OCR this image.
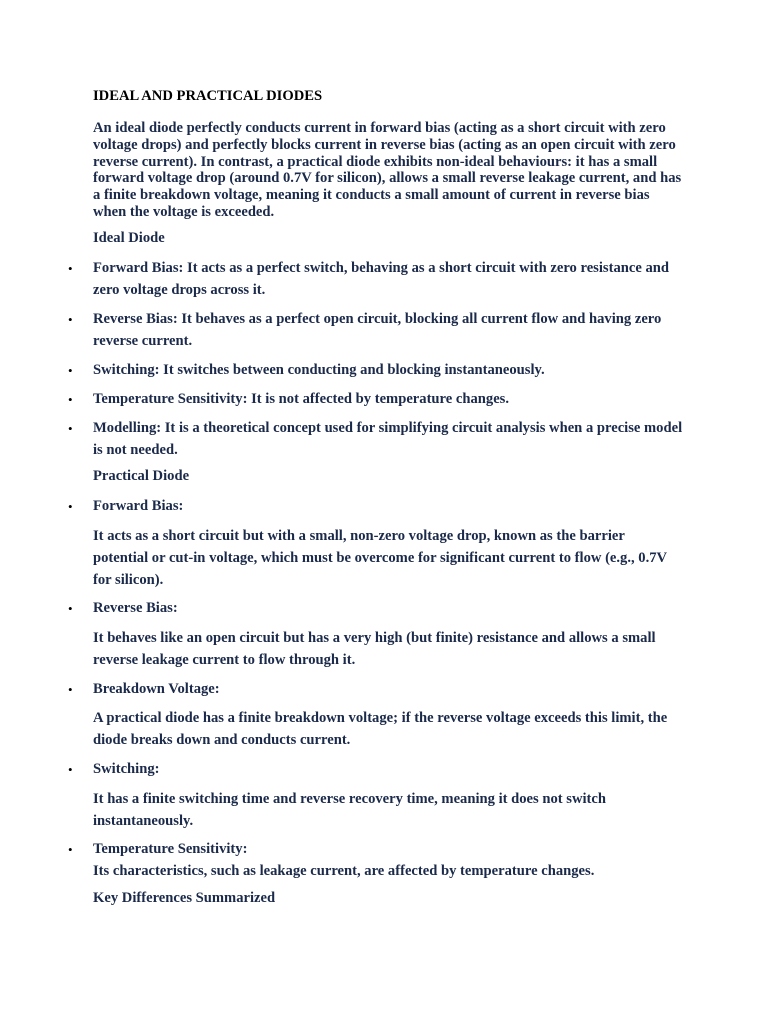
IDEAL AND PRACTICAL DIODES

An ideal diode perfectly conducts current in forward bias (acting as a short circuit with zero voltage drops) and perfectly blocks current in reverse bias (acting as an open circuit with zero reverse current). In contrast, a practical diode exhibits non-ideal behaviours: it has a small forward voltage drop (around 0.7V for silicon), allows a small reverse leakage current, and has a finite breakdown voltage, meaning it conducts a small amount of current in reverse bias when the voltage is exceeded.

Ideal Diode

• Forward Bias: It acts as a perfect switch, behaving as a short circuit with zero resistance and zero voltage drops across it.
• Reverse Bias: It behaves as a perfect open circuit, blocking all current flow and having zero reverse current.
• Switching: It switches between conducting and blocking instantaneously.
• Temperature Sensitivity: It is not affected by temperature changes.
• Modelling: It is a theoretical concept used for simplifying circuit analysis when a precise model is not needed.

Practical Diode

• Forward Bias:

It acts as a short circuit but with a small, non-zero voltage drop, known as the barrier potential or cut-in voltage, which must be overcome for significant current to flow (e.g., 0.7V for silicon).

• Reverse Bias:

It behaves like an open circuit but has a very high (but finite) resistance and allows a small reverse leakage current to flow through it.

• Breakdown Voltage:

A practical diode has a finite breakdown voltage; if the reverse voltage exceeds this limit, the diode breaks down and conducts current.

• Switching:

It has a finite switching time and reverse recovery time, meaning it does not switch instantaneously.

• Temperature Sensitivity:

Its characteristics, such as leakage current, are affected by temperature changes.

Key Differences Summarized
